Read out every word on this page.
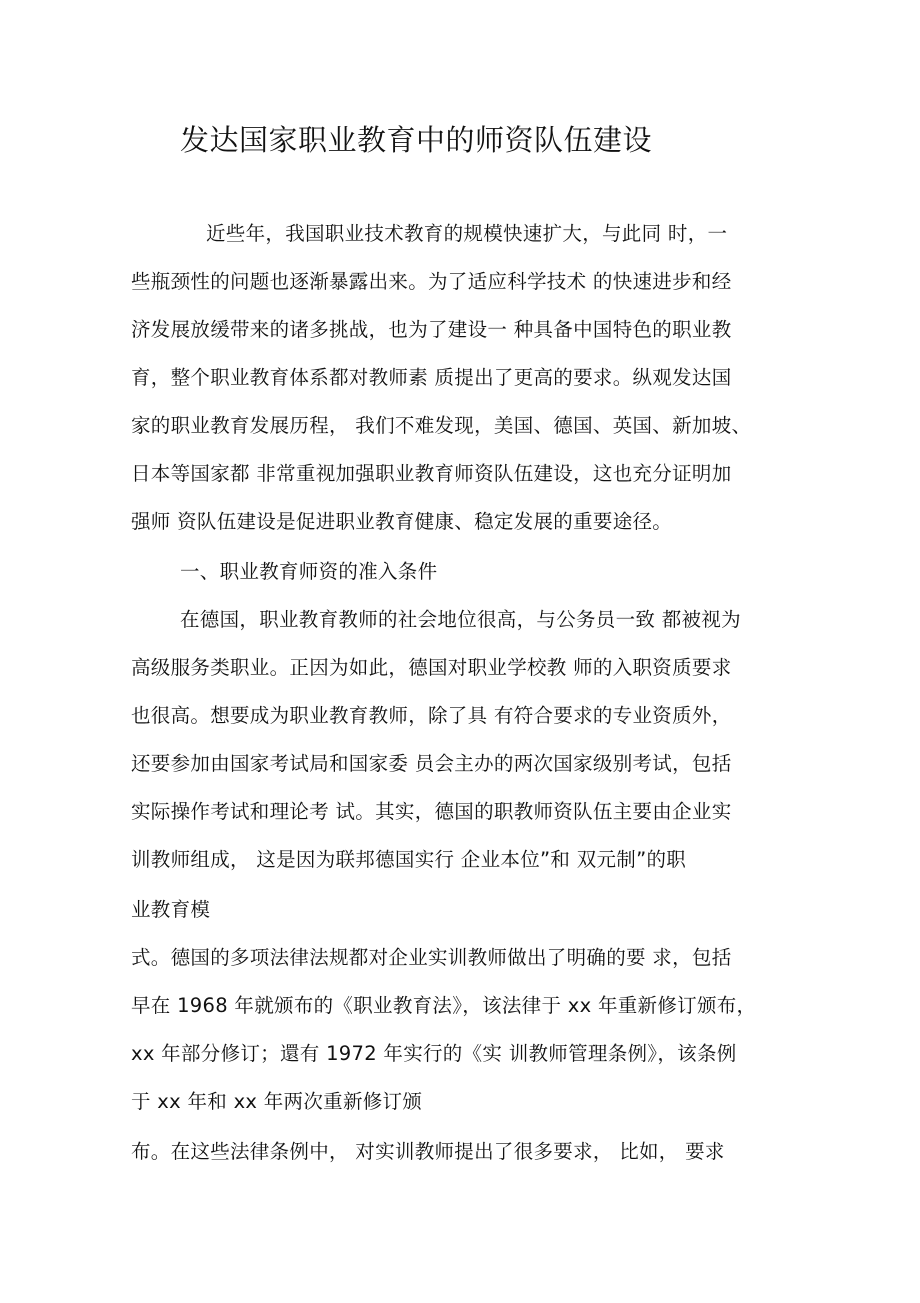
发达国家职业教育中的师资队伍建设

近些年，我国职业技术教育的规模快速扩大，与此同 时，一

些瓶颈性的问题也逐渐暴露出来。为了适应科学技术 的快速进步和经

济发展放缓带来的诸多挑战，也为了建设一 种具备中国特色的职业教

育，整个职业教育体系都对教师素 质提出了更高的要求。纵观发达国

家的职业教育发展历程， 我们不难发现，美国、德国、英国、新加坡、

日本等国家都 非常重视加强职业教育师资队伍建设，这也充分证明加

强师 资队伍建设是促进职业教育健康、稳定发展的重要途径。

一、职业教育师资的准入条件

在德国，职业教育教师的社会地位很高，与公务员一致 都被视为

高级服务类职业。正因为如此，德国对职业学校教 师的入职资质要求

也很高。想要成为职业教育教师，除了具 有符合要求的专业资质外，

还要参加由国家考试局和国家委 员会主办的两次国家级别考试，包括

实际操作考试和理论考 试。其实，德国的职教师资队伍主要由企业实

训教师组成， 这是因为联邦德国实行 企业本位”和 双元制”的职

业教育模

式。德国的多项法律法规都对企业实训教师做出了明确的要 求，包括

早在 1968 年就颁布的《职业教育法》，该法律于 xx 年重新修订颁布，

xx 年部分修订；還有 1972 年实行的《实 训教师管理条例》，该条例

于 xx 年和 xx 年两次重新修订颁

布。在这些法律条例中， 对实训教师提出了很多要求， 比如， 要求
